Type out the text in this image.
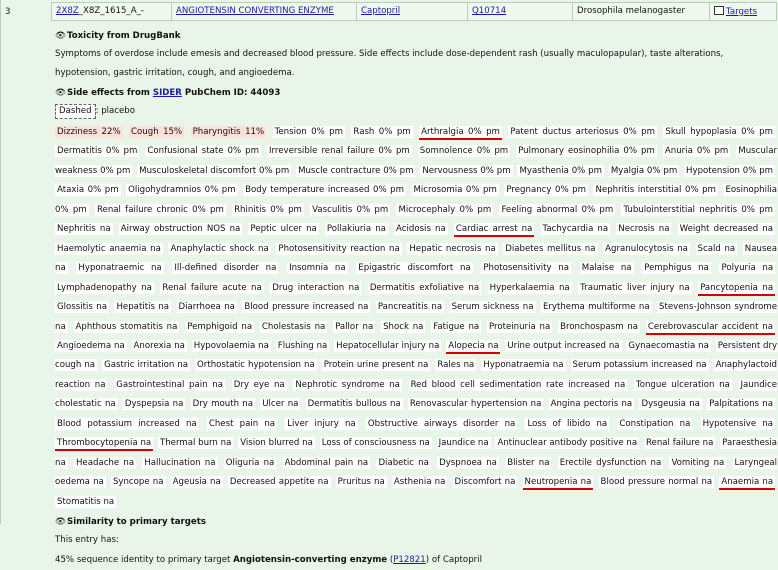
3	2X8Z_X8Z_1615_A_-	ANGIOTENSIN CONVERTING ENZYME	Captopril	Q10714	Drosophila melanogaster	Targets
👁 Toxicity from DrugBank
Symptoms of overdose include emesis and decreased blood pressure. Side effects include dose-dependent rash (usually maculopapular), taste alterations, hypotension, gastric irritation, cough, and angioedema.
👁 Side effects from SIDER PubChem ID: 44093
Dashed : placebo
Dizziness 22% Cough 15% Pharyngitis 11% Tension 0% pm Rash 0% pm Arthralgia 0% pm Patent ductus arteriosus 0% pm Skull hypoplasia 0% pm Dermatitis 0% pm Confusional state 0% pm Irreversible renal failure 0% pm Somnolence 0% pm Pulmonary eosinophilia 0% pm Anuria 0% pm Muscular weakness 0% pm Musculoskeletal discomfort 0% pm Muscle contracture 0% pm Nervousness 0% pm Myasthenia 0% pm Myalgia 0% pm Hypotension 0% pm Ataxia 0% pm Oligohydramnios 0% pm Body temperature increased 0% pm Microsomia 0% pm Pregnancy 0% pm Nephritis interstitial 0% pm Eosinophilia 0% pm Renal failure chronic 0% pm Rhinitis 0% pm Vasculitis 0% pm Microcephaly 0% pm Feeling abnormal 0% pm Tubulointerstitial nephritis 0% pm Nephritis na Airway obstruction NOS na Peptic ulcer na Pollakiuria na Acidosis na Cardiac arrest na Tachycardia na Necrosis na Weight decreased na Haemolytic anaemia na Anaphylactic shock na Photosensitivity reaction na Hepatic necrosis na Diabetes mellitus na Agranulocytosis na Scald na Nausea na Hyponatraemic na Ill-defined disorder na Insomnia na Epigastric discomfort na Photosensitivity na Malaise na Pemphigus na Polyuria na Lymphadenopathy na Renal failure acute na Drug interaction na Dermatitis exfoliative na Hyperkalaemia na Traumatic liver injury na Pancytopenia na Glossitis na Hepatitis na Diarrhoea na Blood pressure increased na Pancreatitis na Serum sickness na Erythema multiforme na Stevens-Johnson syndrome na Aphthous stomatitis na Pemphigoid na Cholestasis na Pallor na Shock na Fatigue na Proteinuria na Bronchospasm na Cerebrovascular accident na Angioedema na Anorexia na Hypovolaemia na Flushing na Hepatocellular injury na Alopecia na Urine output increased na Gynaecomastia na Persistent dry cough na Gastric irritation na Orthostatic hypotension na Protein urine present na Rales na Hyponatraemia na Serum potassium increased na Anaphylactoid reaction na Gastrointestinal pain na Dry eye na Nephrotic syndrome na Red blood cell sedimentation rate increased na Tongue ulceration na Jaundice cholestatic na Dyspepsia na Dry mouth na Ulcer na Dermatitis bullous na Renovascular hypertension na Angina pectoris na Dysgeusia na Palpitations na Blood potassium increased na Chest pain na Liver injury na Obstructive airways disorder na Loss of libido na Constipation na Hypotensive na Thrombocytopenia na Thermal burn na Vision blurred na Loss of consciousness na Jaundice na Antinuclear antibody positive na Renal failure na Paraesthesia na Headache na Hallucination na Oliguria na Abdominal pain na Diabetic na Dyspnoea na Blister na Erectile dysfunction na Vomiting na Laryngeal oedema na Syncope na Ageusia na Decreased appetite na Pruritus na Asthenia na Discomfort na Neutropenia na Blood pressure normal na Anaemia na Stomatitis na
👁 Similarity to primary targets
This entry has:
45% sequence identity to primary target Angiotensin-converting enzyme (P12821) of Captopril
